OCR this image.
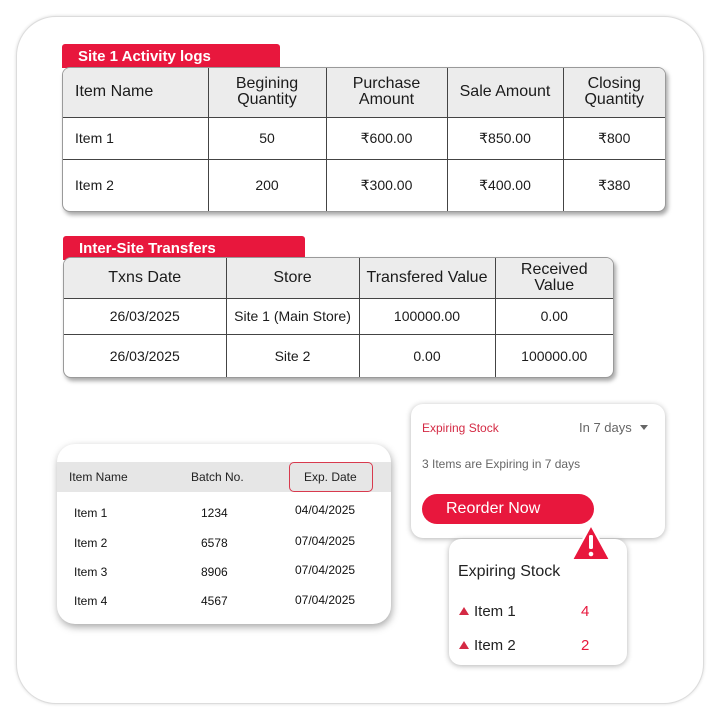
Site 1 Activity logs
Item Name	Begining Quantity	Purchase Amount	Sale Amount	Closing Quantity
Item 1	50	₹600.00	₹850.00	₹800
Item 2	200	₹300.00	₹400.00	₹380
Inter-Site Transfers
Txns Date	Store	Transfered Value	Received Value
26/03/2025	Site 1 (Main Store)	100000.00	0.00
26/03/2025	Site 2	0.00	100000.00
Item Name	Batch No.	Exp. Date
Item 1	1234	04/04/2025
Item 2	6578	07/04/2025
Item 3	8906	07/04/2025
Item 4	4567	07/04/2025
Expiring Stock	In 7 days
3 Items are Expiring in 7 days
Reorder Now
Expiring Stock
Item 1	4
Item 2	2
